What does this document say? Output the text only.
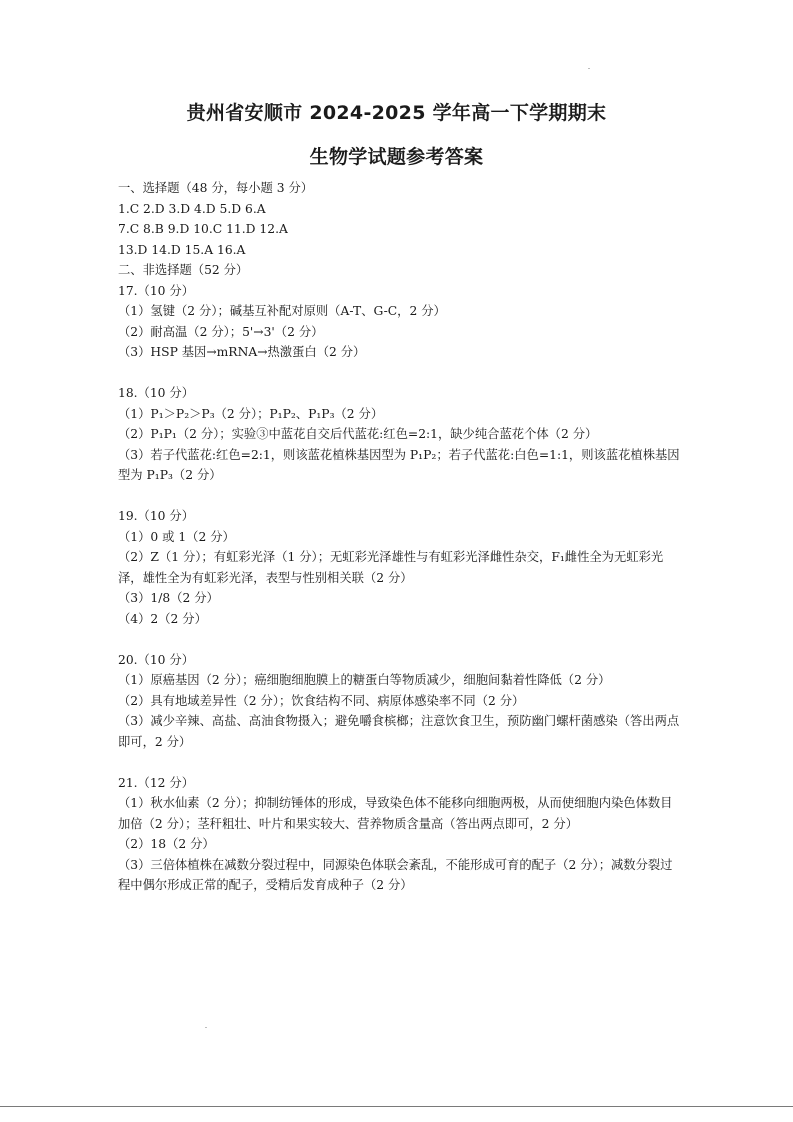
贵州省安顺市 2024-2025 学年高一下学期期末
生物学试题参考答案
一、选择题（48 分，每小题 3 分）
1.C 2.D 3.D 4.D 5.D 6.A
7.C 8.B 9.D 10.C 11.D 12.A
13.D 14.D 15.A 16.A
二、非选择题（52 分）
17.（10 分）
（1）氢键（2 分）；碱基互补配对原则（A-T、G-C，2 分）
（2）耐高温（2 分）；5'→3'（2 分）
（3）HSP 基因→mRNA→热激蛋白（2 分）
18.（10 分）
（1）P₁＞P₂＞P₃（2 分）；P₁P₂、P₁P₃（2 分）
（2）P₁P₁（2 分）；实验③中蓝花自交后代蓝花:红色=2:1，缺少纯合蓝花个体（2 分）
（3）若子代蓝花:红色=2:1，则该蓝花植株基因型为 P₁P₂；若子代蓝花:白色=1:1，则该蓝花植株基因型为 P₁P₃（2 分）
19.（10 分）
（1）0 或 1（2 分）
（2）Z（1 分）；有虹彩光泽（1 分）；无虹彩光泽雄性与有虹彩光泽雌性杂交，F₁雌性全为无虹彩光泽，雄性全为有虹彩光泽，表型与性别相关联（2 分）
（3）1/8（2 分）
（4）2（2 分）
20.（10 分）
（1）原癌基因（2 分）；癌细胞细胞膜上的糖蛋白等物质减少，细胞间黏着性降低（2 分）
（2）具有地域差异性（2 分）；饮食结构不同、病原体感染率不同（2 分）
（3）减少辛辣、高盐、高油食物摄入；避免嚼食槟榔；注意饮食卫生，预防幽门螺杆菌感染（答出两点即可，2 分）
21.（12 分）
（1）秋水仙素（2 分）；抑制纺锤体的形成，导致染色体不能移向细胞两极，从而使细胞内染色体数目加倍（2 分）；茎秆粗壮、叶片和果实较大、营养物质含量高（答出两点即可，2 分）
（2）18（2 分）
（3）三倍体植株在减数分裂过程中，同源染色体联会紊乱，不能形成可育的配子（2 分）；减数分裂过程中偶尔形成正常的配子，受精后发育成种子（2 分）
